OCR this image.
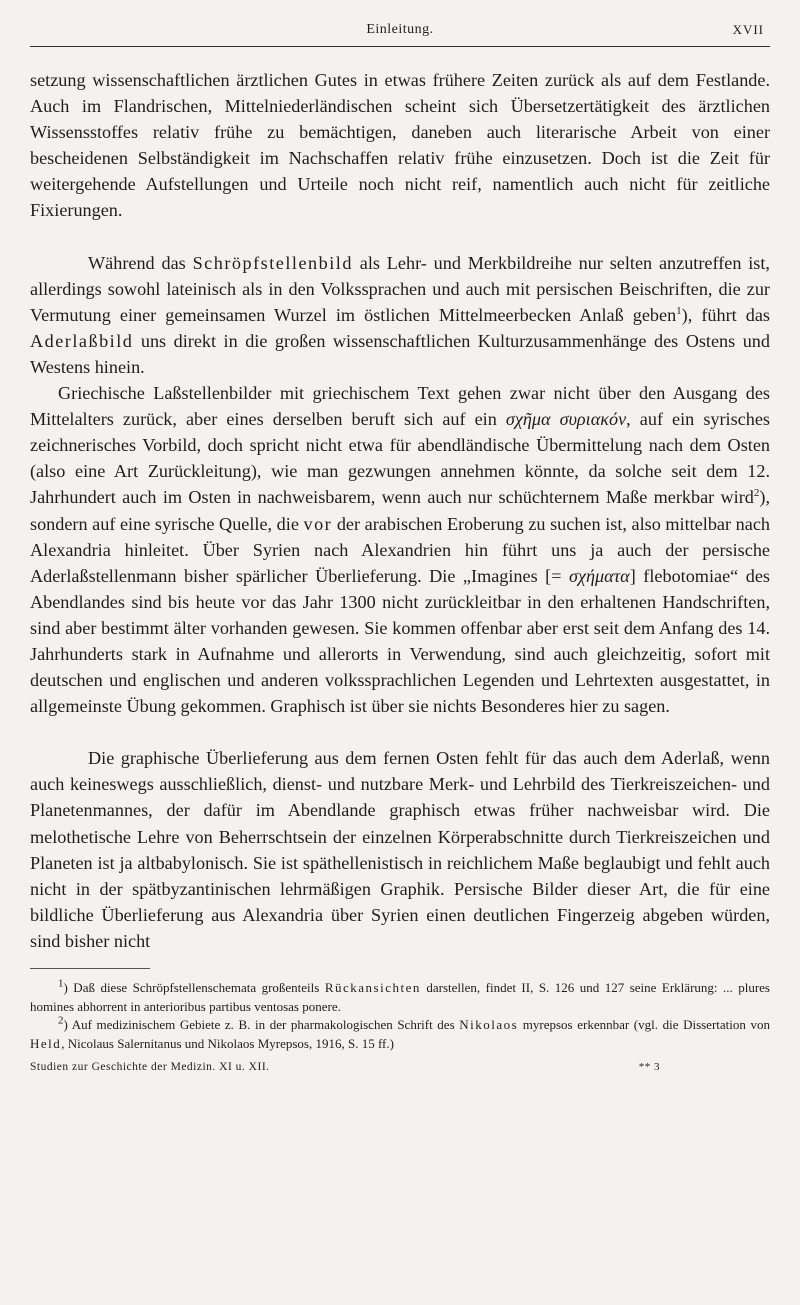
Einleitung.	XVII

setzung wissenschaftlichen ärztlichen Gutes in etwas frühere Zeiten zurück als auf dem Festlande. Auch im Flandrischen, Mittelniederländischen scheint sich Übersetzertätigkeit des ärztlichen Wissensstoffes relativ frühe zu bemächtigen, daneben auch literarische Arbeit von einer bescheidenen Selbständigkeit im Nachschaffen relativ frühe einzusetzen. Doch ist die Zeit für weitergehende Aufstellungen und Urteile noch nicht reif, namentlich auch nicht für zeitliche Fixierungen.

Während das Schröpfstellenbild als Lehr- und Merkbildreihe nur selten anzutreffen ist, allerdings sowohl lateinisch als in den Volkssprachen und auch mit persischen Beischriften, die zur Vermutung einer gemeinsamen Wurzel im östlichen Mittelmeerbecken Anlaß geben$^1$), führt das Aderlaßbild uns direkt in die großen wissenschaftlichen Kulturzusammenhänge des Ostens und Westens hinein.

Griechische Laßstellenbilder mit griechischem Text gehen zwar nicht über den Ausgang des Mittelalters zurück, aber eines derselben beruft sich auf ein σχῆμα συριακόν, auf ein syrisches zeichnerisches Vorbild, doch spricht nicht etwa für abendländische Übermittelung nach dem Osten (also eine Art Zurückleitung), wie man gezwungen annehmen könnte, da solche seit dem 12. Jahrhundert auch im Osten in nachweisbarem, wenn auch nur schüchternem Maße merkbar wird$^2$), sondern auf eine syrische Quelle, die vor der arabischen Eroberung zu suchen ist, also mittelbar nach Alexandria hinleitet. Über Syrien nach Alexandrien hin führt uns ja auch der persische Aderlaßstellenmann bisher spärlicher Überlieferung. Die „Imagines [= σχήματα] flebotomiae“ des Abendlandes sind bis heute vor das Jahr 1300 nicht zurückleitbar in den erhaltenen Handschriften, sind aber bestimmt älter vorhanden gewesen. Sie kommen offenbar aber erst seit dem Anfang des 14. Jahrhunderts stark in Aufnahme und allerorts in Verwendung, sind auch gleichzeitig, sofort mit deutschen und englischen und anderen volkssprachlichen Legenden und Lehrtexten ausgestattet, in allgemeinste Übung gekommen. Graphisch ist über sie nichts Besonderes hier zu sagen.

Die graphische Überlieferung aus dem fernen Osten fehlt für das auch dem Aderlaß, wenn auch keineswegs ausschließlich, dienst- und nutzbare Merk- und Lehrbild des Tierkreiszeichen- und Planetenmannes, der dafür im Abendlande graphisch etwas früher nachweisbar wird. Die melothetische Lehre von Beherrschtsein der einzelnen Körperabschnitte durch Tierkreiszeichen und Planeten ist ja altbabylonisch. Sie ist späthellenistisch in reichlichem Maße beglaubigt und fehlt auch nicht in der spätbyzantinischen lehrmäßigen Graphik. Persische Bilder dieser Art, die für eine bildliche Überlieferung aus Alexandria über Syrien einen deutlichen Fingerzeig abgeben würden, sind bisher nicht

$^1$) Daß diese Schröpfstellenschemata großenteils Rückansichten darstellen, findet II, S. 126 und 127 seine Erklärung: ... plures homines abhorrent in anterioribus partibus ventosas ponere.

$^2$) Auf medizinischem Gebiete z. B. in der pharmakologischen Schrift des Nikolaos myrepsos erkennbar (vgl. die Dissertation von Held, Nicolaus Salernitanus und Nikolaos Myrepsos, 1916, S. 15 ff.)

Studien zur Geschichte der Medizin. XI u. XII.	** 3
